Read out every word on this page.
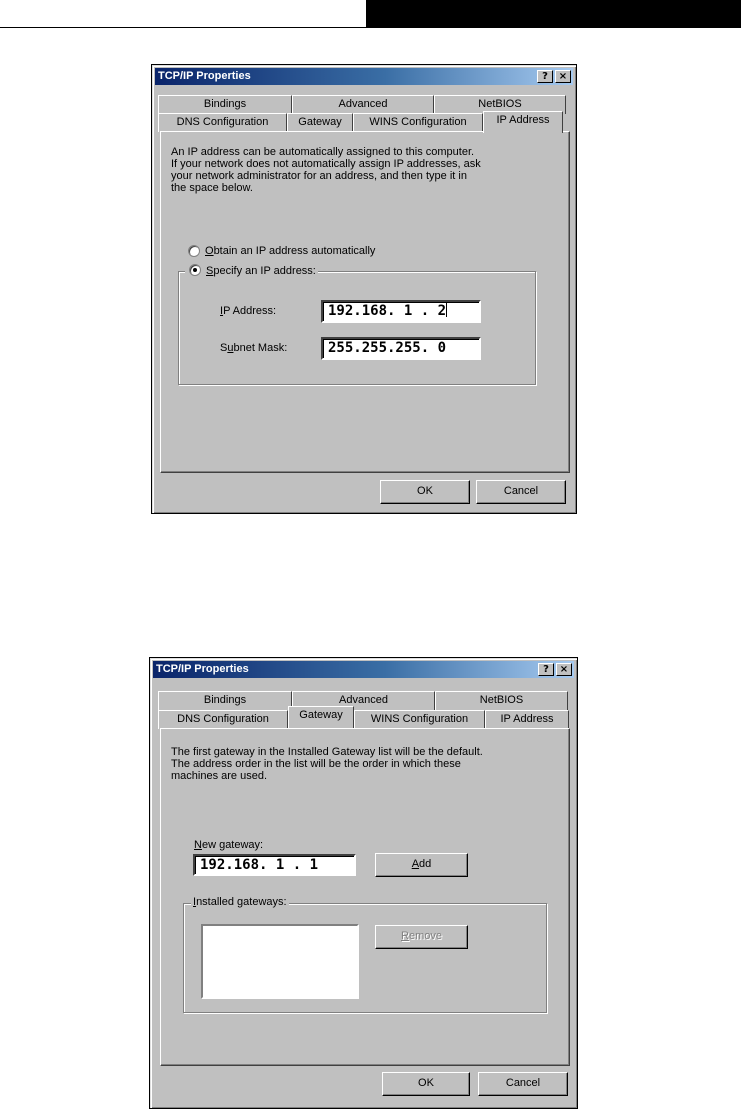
TCP/IP Properties	?	×
Bindings	Advanced	NetBIOS
DNS Configuration	Gateway	WINS Configuration	IP Address
An IP address can be automatically assigned to this computer.
If your network does not automatically assign IP addresses, ask
your network administrator for an address, and then type it in
the space below.
Obtain an IP address automatically
Specify an IP address:
IP Address:	192.168. 1 . 2
Subnet Mask:	255.255.255. 0
OK	Cancel
TCP/IP Properties	?	×
Bindings	Advanced	NetBIOS
DNS Configuration	Gateway	WINS Configuration	IP Address
The first gateway in the Installed Gateway list will be the default.
The address order in the list will be the order in which these
machines are used.
New gateway:
192.168. 1 . 1	Add
Installed gateways:
Remove
OK	Cancel
